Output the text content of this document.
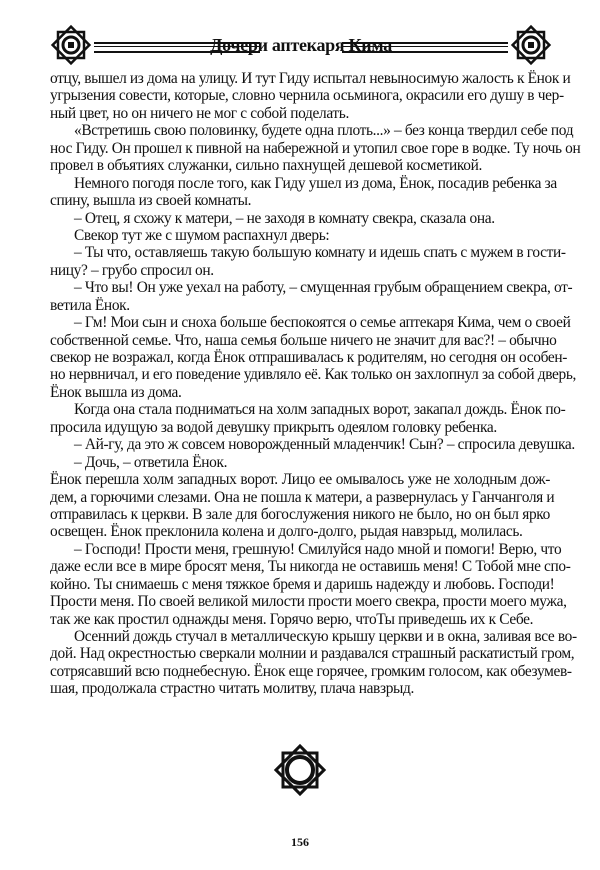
Дочери аптекаря Кима
отцу, вышел из дома на улицу. И тут Гиду испытал невыносимую жалость к Ёнок и
угрызения совести, которые, словно чернила осьминога, окрасили его душу в чер-
ный цвет, но он ничего не мог с собой поделать.
«Встретишь свою половинку, будете одна плоть...» – без конца твердил себе под
нос Гиду. Он прошел к пивной на набережной и утопил свое горе в водке. Ту ночь он
провел в объятиях служанки, сильно пахнущей дешевой косметикой.
Немного погодя после того, как Гиду ушел из дома, Ёнок, посадив ребенка за
спину, вышла из своей комнаты.
– Отец, я схожу к матери, – не заходя в комнату свекра, сказала она.
Свекор тут же с шумом распахнул дверь:
– Ты что, оставляешь такую большую комнату и идешь спать с мужем в гости-
ницу? – грубо спросил он.
– Что вы! Он уже уехал на работу, – смущенная грубым обращением свекра, от-
ветила Ёнок.
– Гм! Мои сын и сноха больше беспокоятся о семье аптекаря Кима, чем о своей
собственной семье. Что, наша семья больше ничего не значит для вас?! – обычно
свекор не возражал, когда Ёнок отпрашивалась к родителям, но сегодня он особен-
но нервничал, и его поведение удивляло её. Как только он захлопнул за собой дверь,
Ёнок вышла из дома.
Когда она стала подниматься на холм западных ворот, закапал дождь. Ёнок по-
просила идущую за водой девушку прикрыть одеялом головку ребенка.
– Ай-гу, да это ж совсем новорожденный младенчик! Сын? – спросила девушка.
– Дочь, – ответила Ёнок.
Ёнок перешла холм западных ворот. Лицо ее омывалось уже не холодным дож-
дем, а горючими слезами. Она не пошла к матери, а развернулась у Ганчанголя и
отправилась к церкви. В зале для богослужения никого не было, но он был ярко
освещен. Ёнок преклонила колена и долго-долго, рыдая навзрыд, молилась.
– Господи! Прости меня, грешную! Смилуйся надо мной и помоги! Верю, что
даже если все в мире бросят меня, Ты никогда не оставишь меня! С Тобой мне спо-
койно. Ты снимаешь с меня тяжкое бремя и даришь надежду и любовь. Господи!
Прости меня. По своей великой милости прости моего свекра, прости моего мужа,
так же как простил однажды меня. Горячо верю, чтоТы приведешь их к Себе.
Осенний дождь стучал в металлическую крышу церкви и в окна, заливая все во-
дой. Над окрестностью сверкали молнии и раздавался страшный раскатистый гром,
сотрясавший всю поднебесную. Ёнок еще горячее, громким голосом, как обезумев-
шая, продолжала страстно читать молитву, плача навзрыд.
156
